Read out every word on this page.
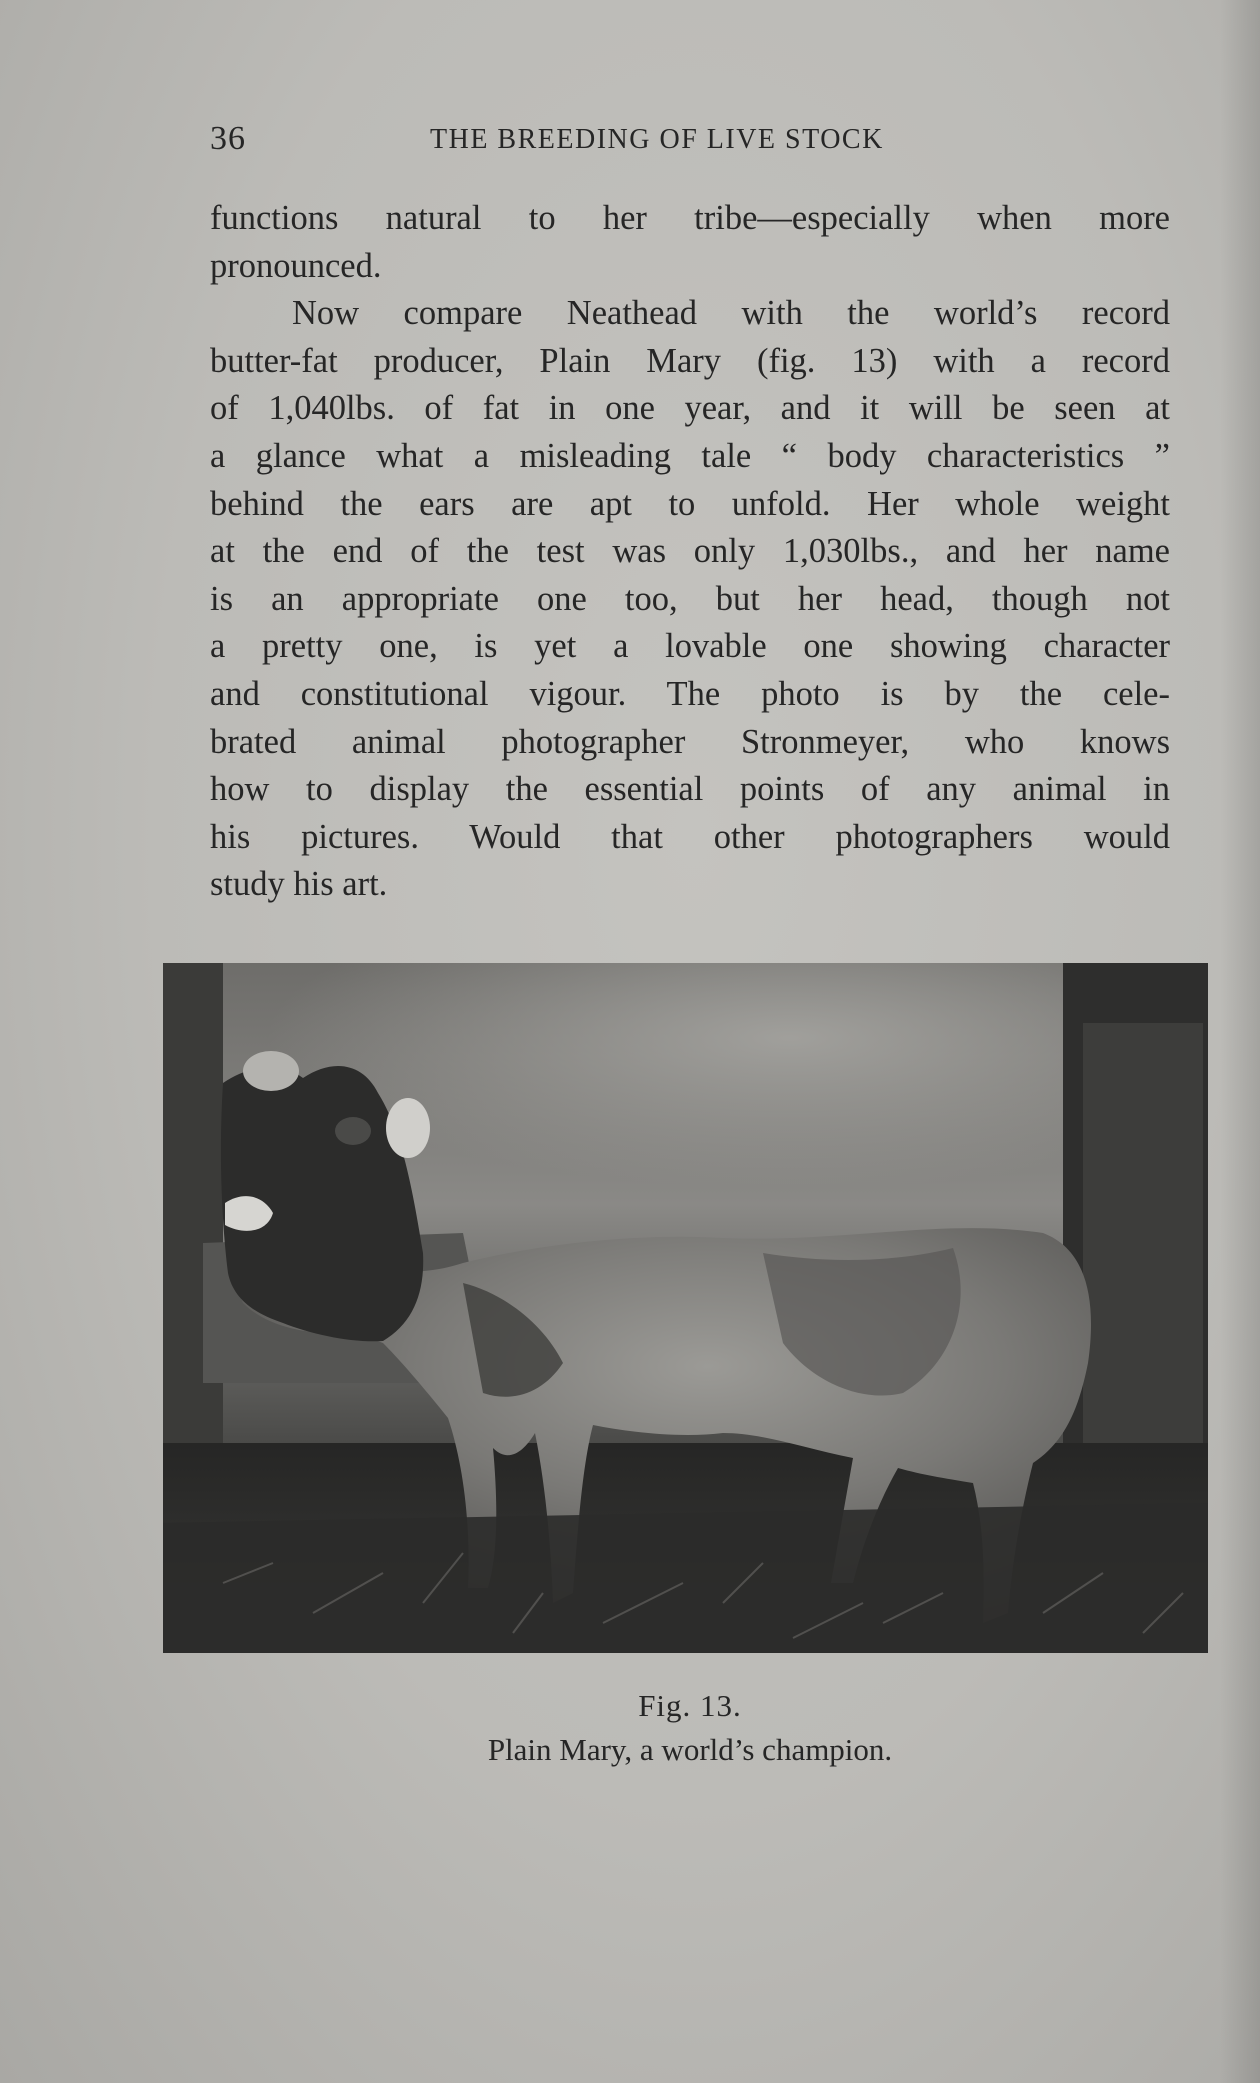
36	THE BREEDING OF LIVE STOCK
functions natural to her tribe—especially when more
pronounced.
Now compare Neathead with the world’s record
butter-fat producer, Plain Mary (fig. 13) with a record
of 1,040lbs. of fat in one year, and it will be seen at
a glance what a misleading tale “ body characteristics ”
behind the ears are apt to unfold. Her whole weight
at the end of the test was only 1,030lbs., and her name
is an appropriate one too, but her head, though not
a pretty one, is yet a lovable one showing character
and constitutional vigour. The photo is by the cele-
brated animal photographer Stronmeyer, who knows
how to display the essential points of any animal in
his pictures. Would that other photographers would
study his art.
Fig. 13.
Plain Mary, a world’s champion.
